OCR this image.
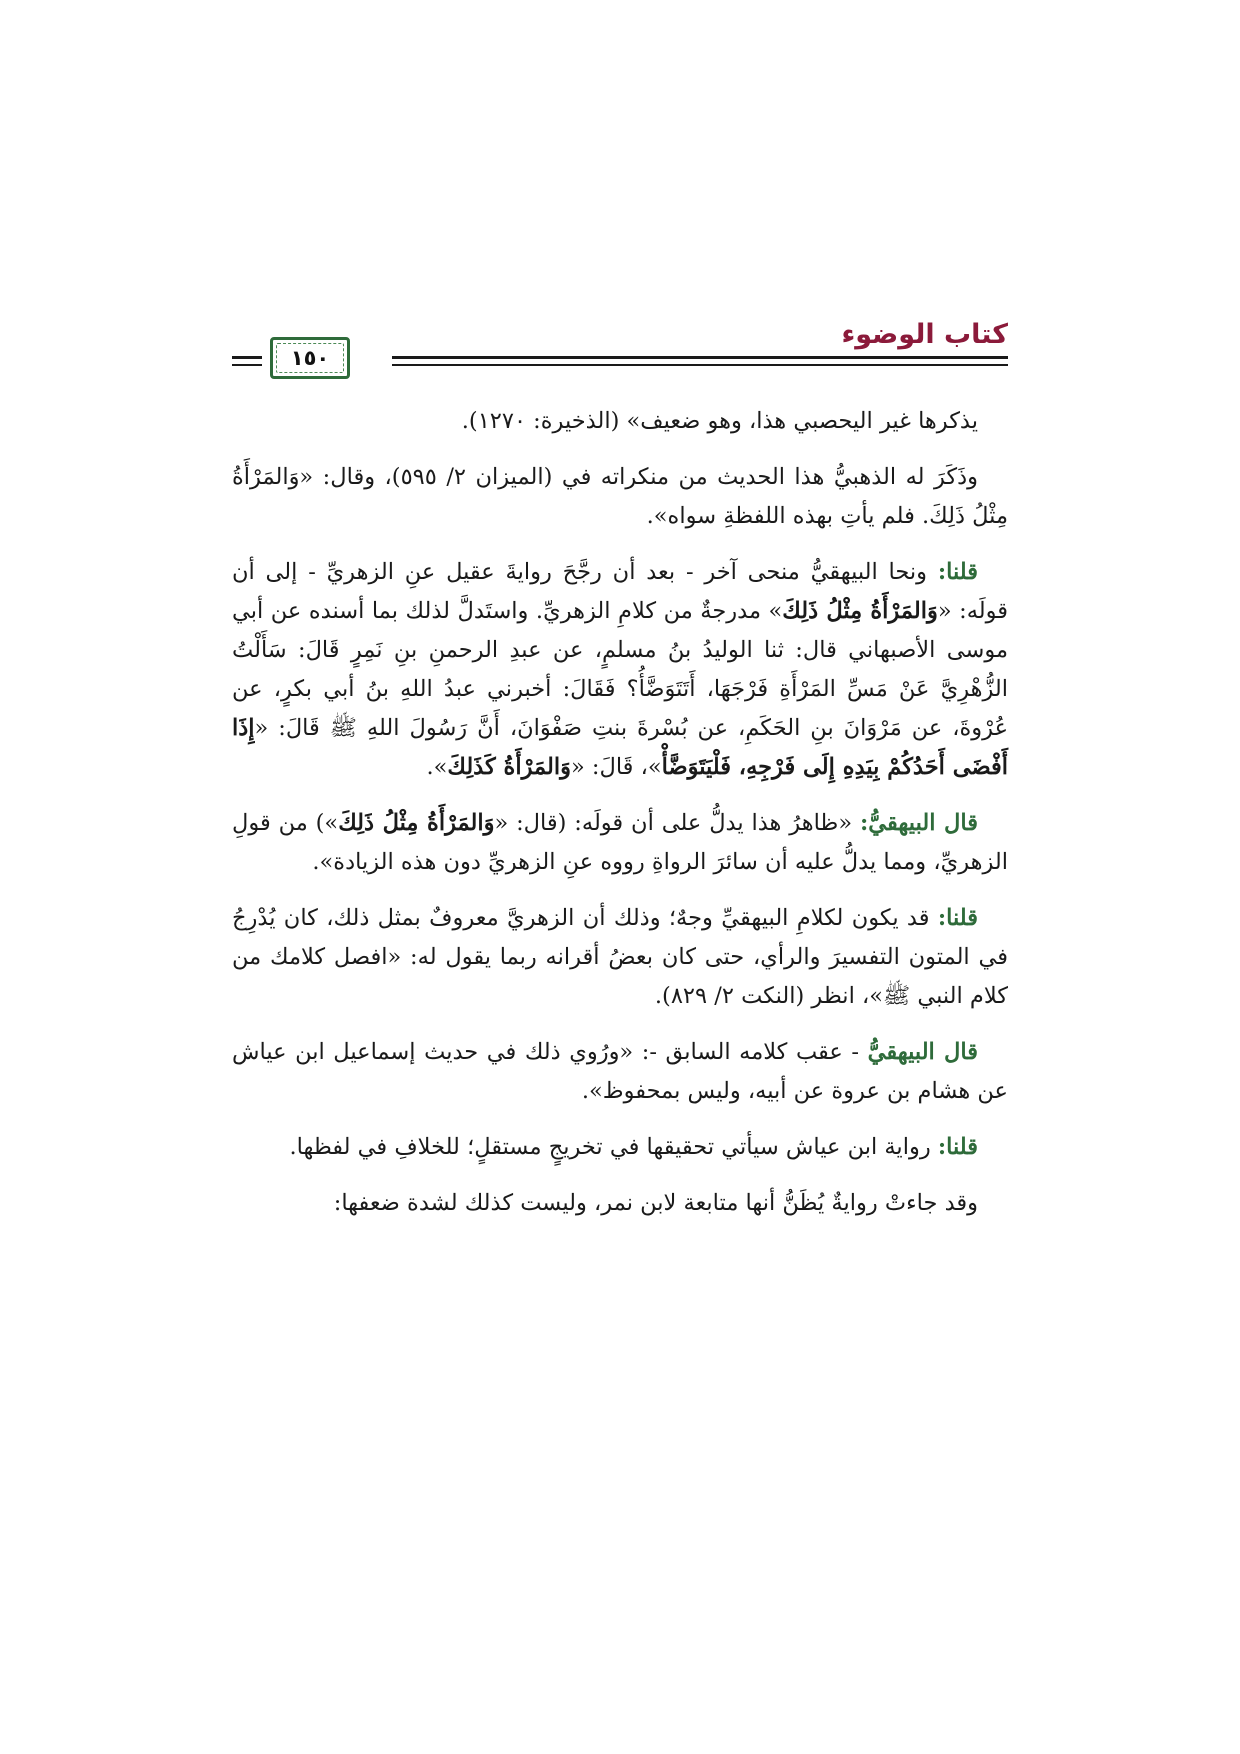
كتاب الوضوء
١٥٠

يذكرها غير اليحصبي هذا، وهو ضعيف» (الذخيرة: ١٢٧٠).

وذَكَرَ له الذهبيُّ هذا الحديث من منكراته في (الميزان ٢/ ٥٩٥)، وقال: «وَالمَرْأَةُ مِثْلُ ذَلِكَ. فلم يأتِ بهذه اللفظةِ سواه».

قلنا: ونحا البيهقيُّ منحى آخر - بعد أن رجَّحَ روايةَ عقيل عنِ الزهريِّ - إلى أن قولَه: «وَالمَرْأَةُ مِثْلُ ذَلِكَ» مدرجةٌ من كلامِ الزهريِّ. واستَدلَّ لذلك بما أسنده عن أبي موسى الأصبهاني قال: ثنا الوليدُ بنُ مسلمٍ، عن عبدِ الرحمنِ بنِ نَمِرٍ قَالَ: سَأَلْتُ الزُّهْرِيَّ عَنْ مَسِّ المَرْأَةِ فَرْجَهَا، أَتَتَوَضَّأُ؟ فَقَالَ: أخبرني عبدُ اللهِ بنُ أبي بكرٍ، عن عُرْوةَ، عن مَرْوَانَ بنِ الحَكَمِ، عن بُسْرةَ بنتِ صَفْوَانَ، أَنَّ رَسُولَ اللهِ ﷺ قَالَ: «إِذَا أَفْضَى أَحَدُكُمْ بِيَدِهِ إِلَى فَرْجِهِ، فَلْيَتَوَضَّأْ»، قَالَ: «وَالمَرْأَةُ كَذَلِكَ».

قال البيهقيُّ: «ظاهرُ هذا يدلُّ على أن قولَه: (قال: «وَالمَرْأَةُ مِثْلُ ذَلِكَ») من قولِ الزهريِّ، ومما يدلُّ عليه أن سائرَ الرواةِ رووه عنِ الزهريِّ دون هذه الزيادة».

قلنا: قد يكون لكلامِ البيهقيِّ وجهٌ؛ وذلك أن الزهريَّ معروفٌ بمثل ذلك، كان يُدْرِجُ في المتون التفسيرَ والرأي، حتى كان بعضُ أقرانه ربما يقول له: «افصل كلامك من كلام النبي ﷺ»، انظر (النكت ٢/ ٨٢٩).

قال البيهقيُّ - عقب كلامه السابق -: «ورُوي ذلك في حديث إسماعيل ابن عياش عن هشام بن عروة عن أبيه، وليس بمحفوظ».

قلنا: رواية ابن عياش سيأتي تحقيقها في تخريجٍ مستقلٍ؛ للخلافِ في لفظها.

وقد جاءتْ روايةٌ يُظَنُّ أنها متابعة لابن نمر، وليست كذلك لشدة ضعفها:
